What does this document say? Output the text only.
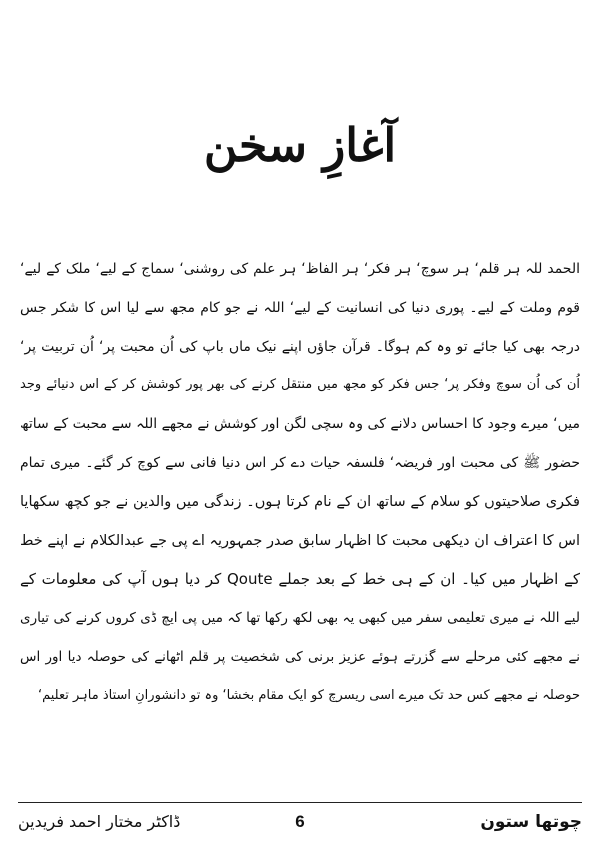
آغازِ سخن
الحمد للہ ہر قلم‘ ہر سوچ‘ ہر فکر‘ ہر الفاظ‘ ہر علم کی روشنی‘ سماج کے لیے‘ ملک کے لیے‘
قوم وملت کے لیے۔ پوری دنیا کی انسانیت کے لیے‘ اللہ نے جو کام مجھ سے لیا اس کا شکر جس
درجہ بھی کیا جائے تو وہ کم ہوگا۔ قرآن جاؤں اپنے نیک ماں باپ کی اُن محبت پر‘ اُن تربیت پر‘
اُن کی اُن سوچ وفکر پر‘ جس فکر کو مجھ میں منتقل کرنے کی بھر پور کوشش کر کے اس دنیائے وجد
میں‘ میرے وجود کا احساس دلانے کی وہ سچی لگن اور کوشش نے مجھے اللہ سے محبت کے ساتھ
حضور ﷺ کی محبت اور فریضہ‘ فلسفہ حیات دے کر اس دنیا فانی سے کوچ کر گئے۔ میری تمام
فکری صلاحیتوں کو سلام کے ساتھ ان کے نام کرتا ہوں۔ زندگی میں والدین نے جو کچھ سکھایا
اس کا اعتراف ان دیکھی محبت کا اظہار سابق صدر جمہوریہ اے پی جے عبدالکلام نے اپنے خط
کے اظہار میں کیا۔ ان کے ہی خط کے بعد جملے Qoute کر دیا ہوں آپ کی معلومات کے
لیے اللہ نے میری تعلیمی سفر میں کبھی یہ بھی لکھ رکھا تھا کہ میں پی ایچ ڈی کروں کرنے کی تیاری
نے مجھے کئی مرحلے سے گزرتے ہوئے عزیز برنی کی شخصیت پر قلم اٹھانے کی حوصلہ دیا اور اس
حوصلہ نے مجھے کس حد تک میرے اسی ریسرچ کو ایک مقام بخشا‘ وہ تو دانشورانِ استاذ ماہر تعلیم‘
چوتھا ستون
6
ڈاکٹر مختار احمد فریدین
